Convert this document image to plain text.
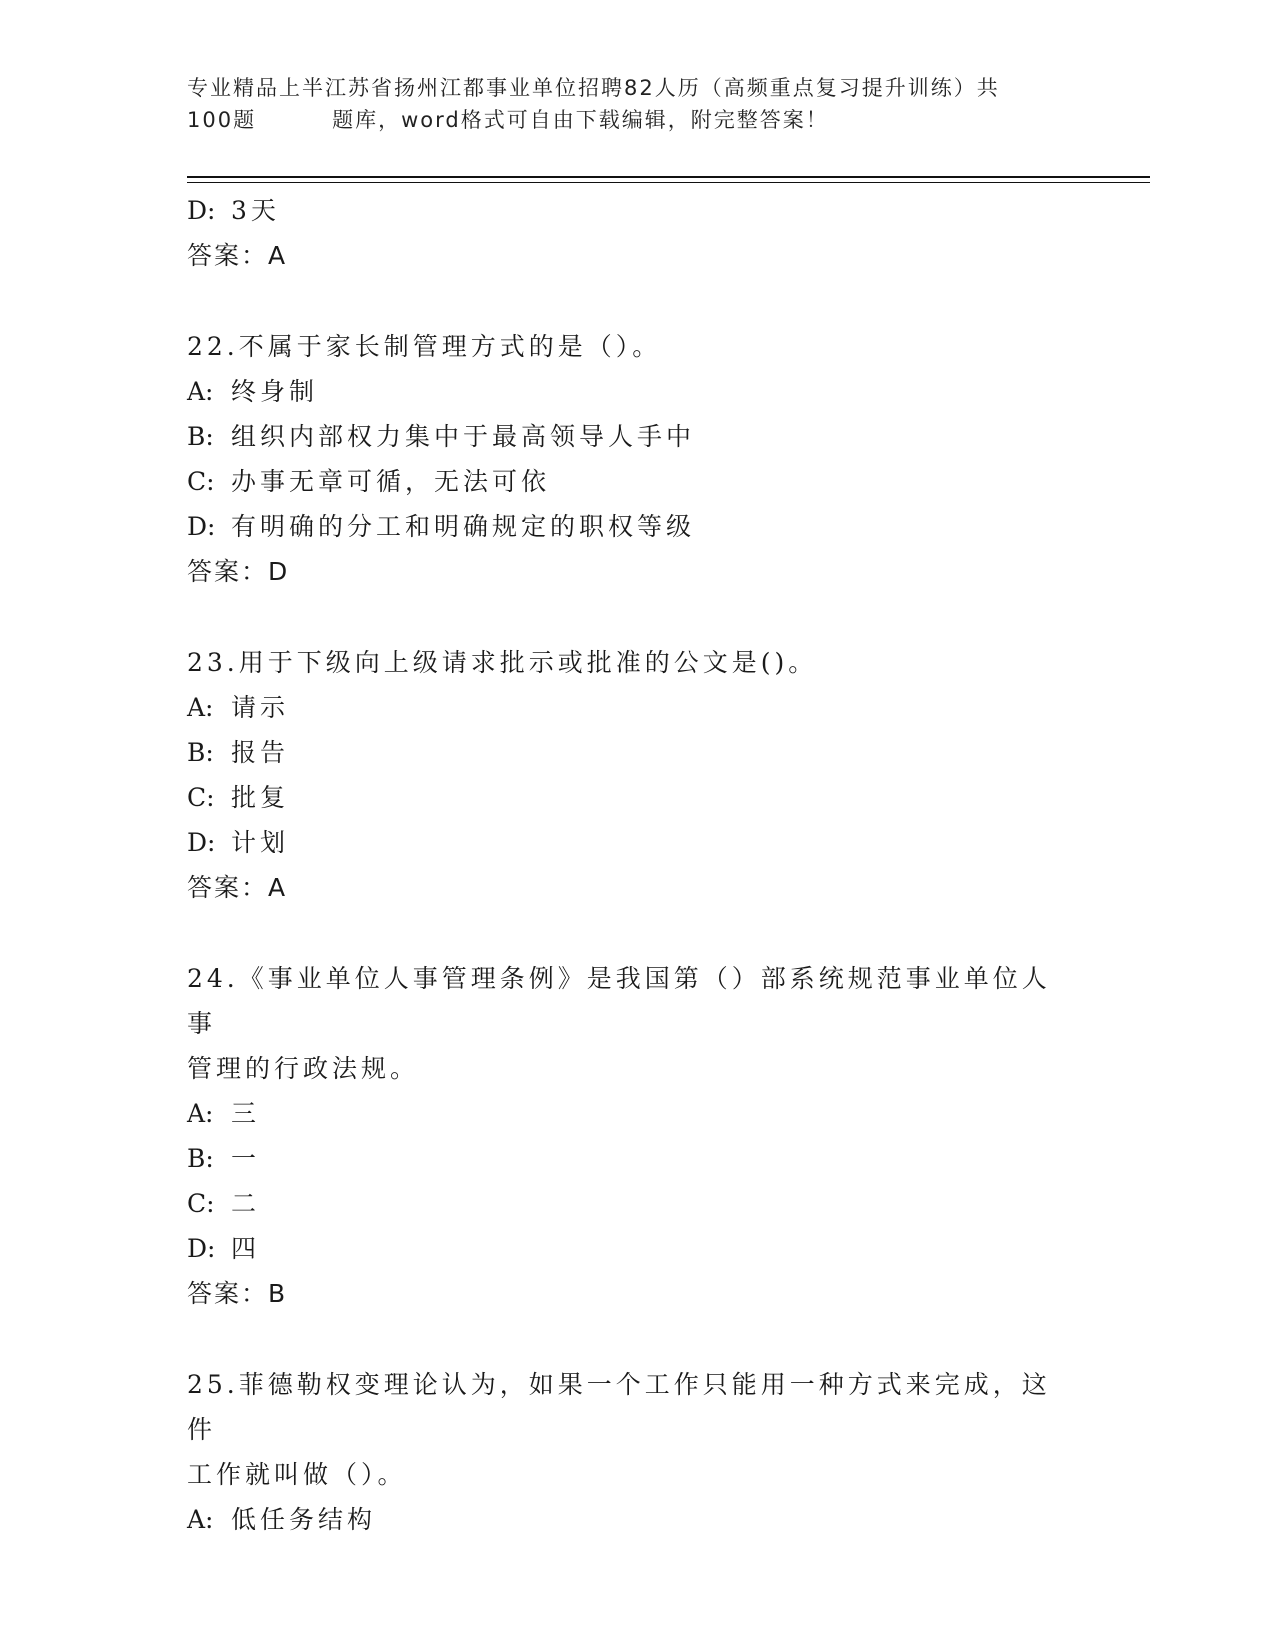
专业精品上半江苏省扬州江都事业单位招聘82人历（高频重点复习提升训练）共
100题	题库，word格式可自由下载编辑，附完整答案！
D: 3天
答案：A
22.不属于家长制管理方式的是（）。
A: 终身制
B: 组织内部权力集中于最高领导人手中
C: 办事无章可循，无法可依
D: 有明确的分工和明确规定的职权等级
答案：D
23.用于下级向上级请求批示或批准的公文是()。
A: 请示
B: 报告
C: 批复
D: 计划
答案：A
24.《事业单位人事管理条例》是我国第（）部系统规范事业单位人事
管理的行政法规。
A: 三
B: 一
C: 二
D: 四
答案：B
25.菲德勒权变理论认为，如果一个工作只能用一种方式来完成，这件
工作就叫做（）。
A: 低任务结构
